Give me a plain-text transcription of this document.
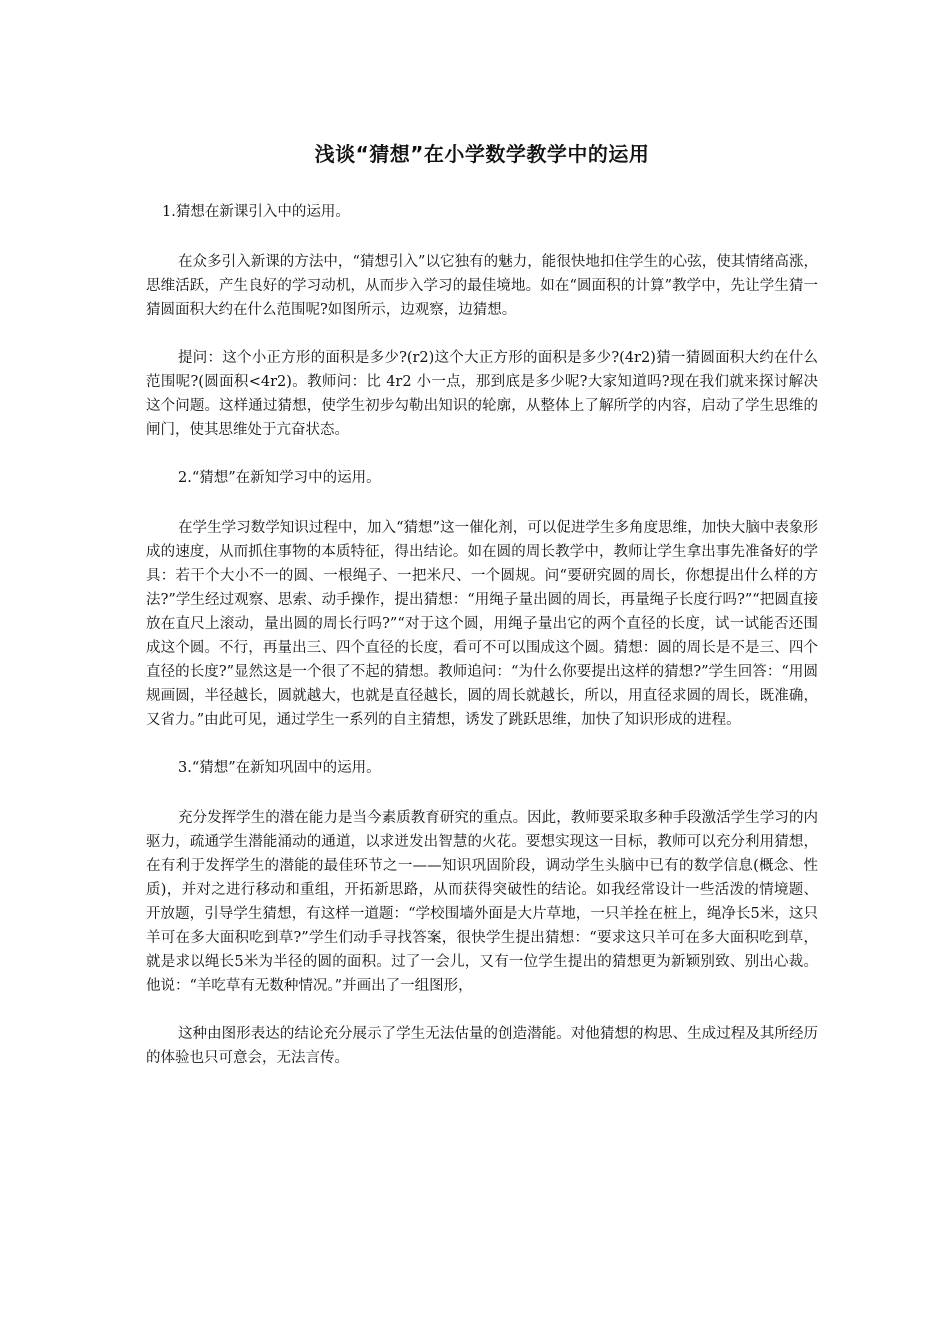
浅谈“猜想”在小学数学教学中的运用
1.猜想在新课引入中的运用。

在众多引入新课的方法中，“猜想引入”以它独有的魅力，能很快地扣住学生的心弦，使其情绪高涨，思维活跃，产生良好的学习动机，从而步入学习的最佳境地。如在“圆面积的计算”教学中，先让学生猜一猜圆面积大约在什么范围呢?如图所示，边观察，边猜想。

提问：这个小正方形的面积是多少?(r2)这个大正方形的面积是多少?(4r2)猜一猜圆面积大约在什么范围呢?(圆面积<4r2)。教师问：比 4r2 小一点，那到底是多少呢?大家知道吗?现在我们就来探讨解决这个问题。这样通过猜想，使学生初步勾勒出知识的轮廓，从整体上了解所学的内容，启动了学生思维的闸门，使其思维处于亢奋状态。

2.“猜想”在新知学习中的运用。

在学生学习数学知识过程中，加入“猜想”这一催化剂，可以促进学生多角度思维，加快大脑中表象形成的速度，从而抓住事物的本质特征，得出结论。如在圆的周长教学中，教师让学生拿出事先准备好的学具：若干个大小不一的圆、一根绳子、一把米尺、一个圆规。问“要研究圆的周长，你想提出什么样的方法?”学生经过观察、思索、动手操作，提出猜想：“用绳子量出圆的周长，再量绳子长度行吗?”“把圆直接放在直尺上滚动，量出圆的周长行吗?”“对于这个圆，用绳子量出它的两个直径的长度，试一试能否还围成这个圆。不行，再量出三、四个直径的长度，看可不可以围成这个圆。猜想：圆的周长是不是三、四个直径的长度?”显然这是一个很了不起的猜想。教师追问：“为什么你要提出这样的猜想?”学生回答：“用圆规画圆，半径越长，圆就越大，也就是直径越长，圆的周长就越长，所以，用直径求圆的周长，既准确，又省力。”由此可见，通过学生一系列的自主猜想，诱发了跳跃思维，加快了知识形成的进程。

3.“猜想”在新知巩固中的运用。

充分发挥学生的潜在能力是当今素质教育研究的重点。因此，教师要采取多种手段激活学生学习的内驱力，疏通学生潜能涌动的通道，以求迸发出智慧的火花。要想实现这一目标，教师可以充分利用猜想，在有利于发挥学生的潜能的最佳环节之一——知识巩固阶段，调动学生头脑中已有的数学信息(概念、性质)，并对之进行移动和重组，开拓新思路，从而获得突破性的结论。如我经常设计一些活泼的情境题、开放题，引导学生猜想，有这样一道题：“学校围墙外面是大片草地，一只羊拴在桩上，绳净长5米，这只羊可在多大面积吃到草?”学生们动手寻找答案，很快学生提出猜想：“要求这只羊可在多大面积吃到草，就是求以绳长5米为半径的圆的面积。过了一会儿，又有一位学生提出的猜想更为新颖别致、别出心裁。他说：“羊吃草有无数种情况。”并画出了一组图形，

这种由图形表达的结论充分展示了学生无法估量的创造潜能。对他猜想的构思、生成过程及其所经历的体验也只可意会，无法言传。
